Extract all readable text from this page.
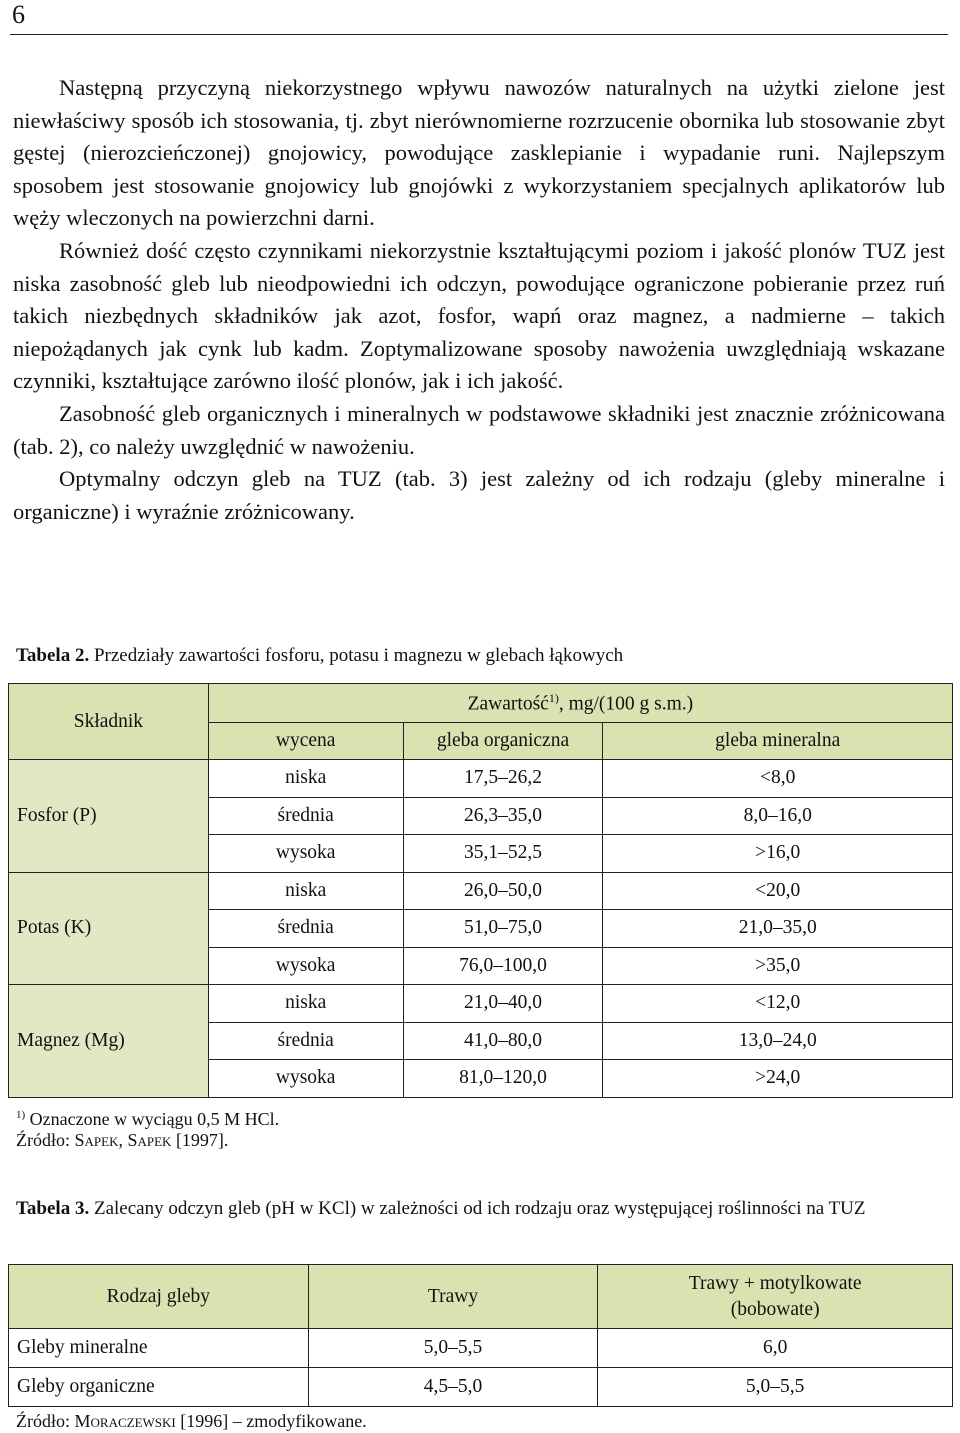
6

Następną przyczyną niekorzystnego wpływu nawozów naturalnych na użytki zielone jest niewłaściwy sposób ich stosowania, tj. zbyt nierównomierne rozrzucenie obornika lub stosowanie zbyt gęstej (nierozcieńczonej) gnojowicy, powodujące zasklepianie i wypadanie runi. Najlepszym sposobem jest stosowanie gnojowicy lub gnojówki z wykorzystaniem specjalnych aplikatorów lub węży wleczonych na powierzchni darni.

Również dość często czynnikami niekorzystnie kształtującymi poziom i jakość plonów TUZ jest niska zasobność gleb lub nieodpowiedni ich odczyn, powodujące ograniczone pobieranie przez ruń takich niezbędnych składników jak azot, fosfor, wapń oraz magnez, a nadmierne – takich niepożądanych jak cynk lub kadm. Zoptymalizowane sposoby nawożenia uwzględniają wskazane czynniki, kształtujące zarówno ilość plonów, jak i ich jakość.

Zasobność gleb organicznych i mineralnych w podstawowe składniki jest znacznie zróżnicowana (tab. 2), co należy uwzględnić w nawożeniu.

Optymalny odczyn gleb na TUZ (tab. 3) jest zależny od ich rodzaju (gleby mineralne i organiczne) i wyraźnie zróżnicowany.

Tabela 2. Przedziały zawartości fosforu, potasu i magnezu w glebach łąkowych
Składnik	Zawartość$^{1)}$, mg/(100 g s.m.)		
	wycena	gleba organiczna	gleba mineralna
Fosfor (P)	niska	17,5–26,2	<8,0
	średnia	26,3–35,0	8,0–16,0
	wysoka	35,1–52,5	>16,0
Potas (K)	niska	26,0–50,0	<20,0
	średnia	51,0–75,0	21,0–35,0
	wysoka	76,0–100,0	>35,0
Magnez (Mg)	niska	21,0–40,0	<12,0
	średnia	41,0–80,0	13,0–24,0
	wysoka	81,0–120,0	>24,0
$^{1)}$ Oznaczone w wyciągu 0,5 M HCl.
Źródło: Sapek, Sapek [1997].
Tabela 3. Zalecany odczyn gleb (pH w KCl) w zależności od ich rodzaju oraz występującej roślinności na TUZ
Rodzaj gleby	Trawy	Trawy + motylkowate
(bobowate)

Gleby mineralne	5,0–5,5	6,0
Gleby organiczne	4,5–5,0	5,0–5,5
Źródło: Moraczewski [1996] – zmodyfikowane.
